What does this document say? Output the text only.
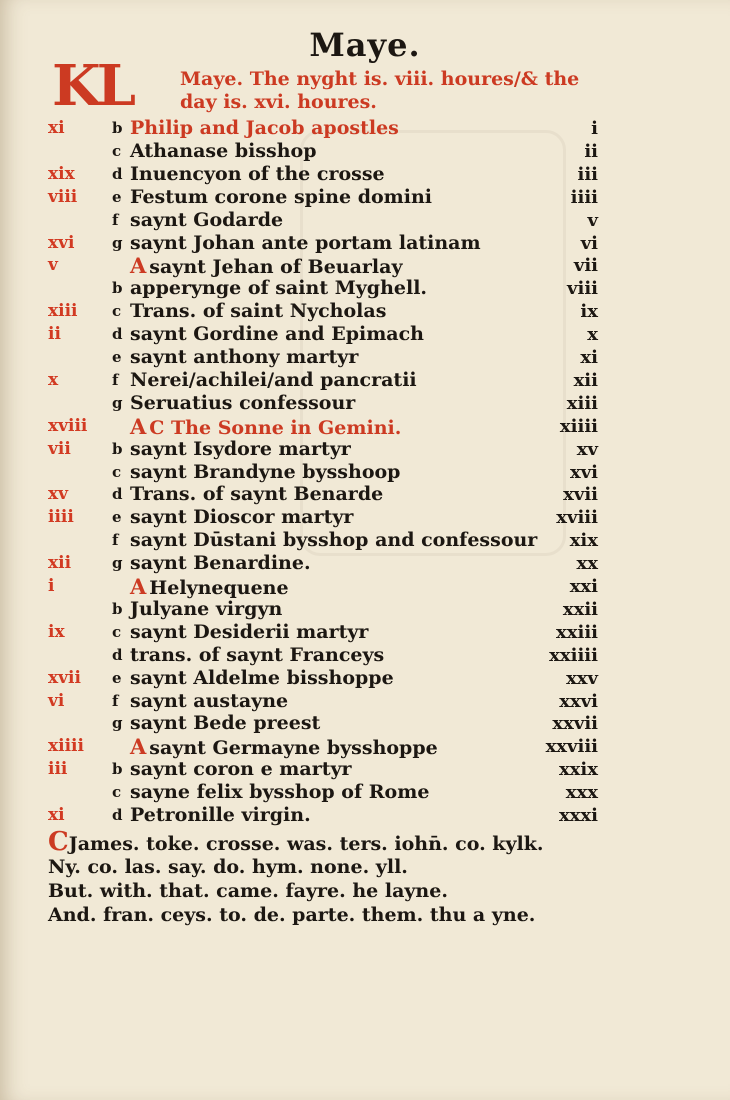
Maye.
KL	Maye. The nyght is. viii. houres/& the
day is. xvi. houres.
xi	b Philip and Jacob apostles	i
c Athanase bisshop	ii
xix	d Inuencyon of the crosse	iii
viii	e Festum corone spine domini	iiii
f saynt Godarde	v
xvi	g saynt Johan ante portam latinam	vi
v	A saynt Jehan of Beuarlay	vii
b apperynge of saint Myghell.	viii
xiii	c Trans. of saint Nycholas	ix
ii	d saynt Gordine and Epimach	x
e saynt anthony martyr	xi
x	f Nerei/achilei/and pancratii	xii
g Seruatius confessour	xiii
xviii	A C The Sonne in Gemini.	xiiii
vii	b saynt Isydore martyr	xv
c saynt Brandyne bysshoop	xvi
xv	d Trans. of saynt Benarde	xvii
iiii	e saynt Dioscor martyr	xviii
f saynt Dūstani bysshop and confessour xix
xii	g saynt Benardine.	xx
i	A Helynequene	xxi
b Julyane virgyn	xxii
ix	c saynt Desiderii martyr	xxiii
d trans. of saynt Franceys	xxiiii
xvii	e saynt Aldelme bisshoppe	xxv
vi	f saynt austayne	xxvi
g saynt Bede preest	xxvii
xiiii	A saynt Germayne bysshoppe	xxviii
iii	b saynt coron e martyr	xxix
c sayne felix bysshop of Rome	xxx
xi	d Petronille virgin.	xxxi
CJames. toke. crosse. was. ters. iohn̄. co. kylk.
Ny. co. las. say. do. hym. none. yll.
But. with. that. came. fayre. he layne.
And. fran. ceys. to. de. parte. them. thu a yne.
